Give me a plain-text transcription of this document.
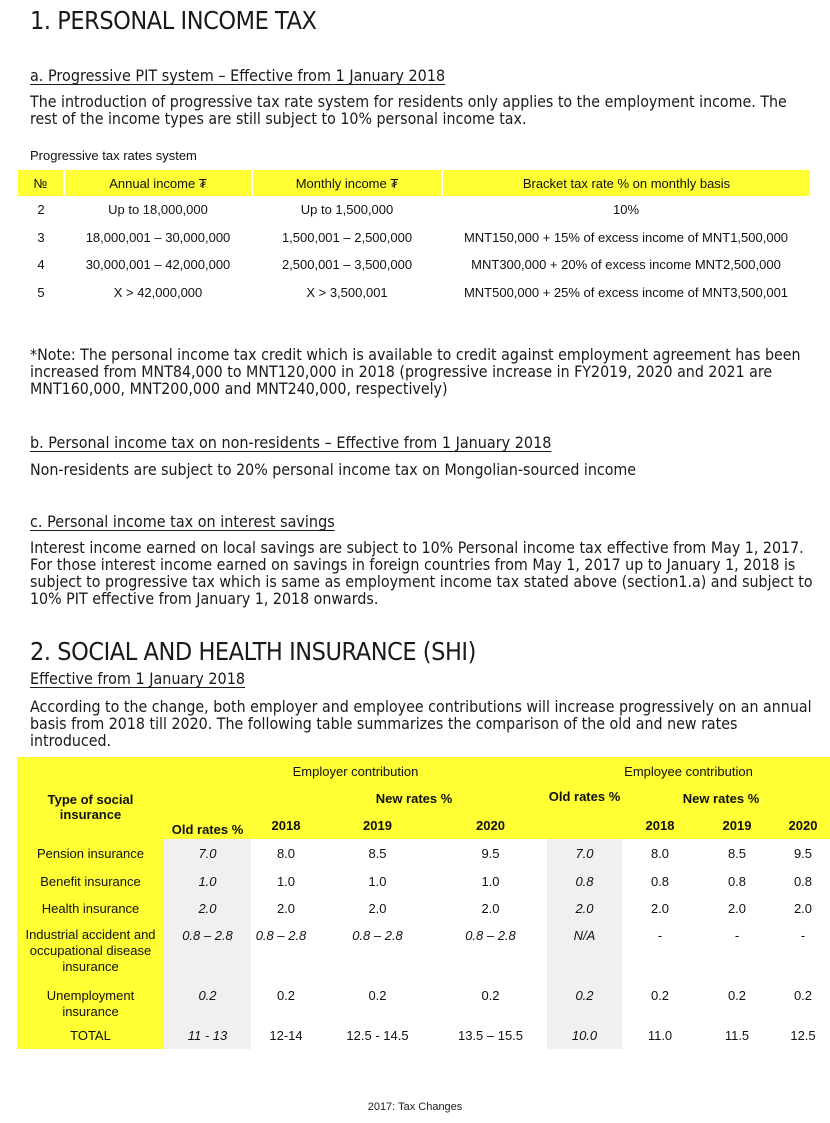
1. PERSONAL INCOME TAX
a. Progressive PIT system – Effective from 1 January 2018
The introduction of progressive tax rate system for residents only applies to the employment income. The rest of the income types are still subject to 10% personal income tax.
Progressive tax rates system
№	Annual income ₮	Monthly income ₮	Bracket tax rate % on monthly basis
2	Up to 18,000,000	Up to 1,500,000	10%
3	18,000,001 – 30,000,000	1,500,001 – 2,500,000	MNT150,000 + 15% of excess income of MNT1,500,000
4	30,000,001 – 42,000,000	2,500,001 – 3,500,000	MNT300,000 + 20% of excess income MNT2,500,000
5	X > 42,000,000	X > 3,500,001	MNT500,000 + 25% of excess income of MNT3,500,001
*Note: The personal income tax credit which is available to credit against employment agreement has been increased from MNT84,000 to MNT120,000 in 2018 (progressive increase in FY2019, 2020 and 2021 are MNT160,000, MNT200,000 and MNT240,000, respectively)
b. Personal income tax on non-residents – Effective from 1 January 2018
Non-residents are subject to 20% personal income tax on Mongolian-sourced income
c. Personal income tax on interest savings
Interest income earned on local savings are subject to 10% Personal income tax effective from May 1, 2017. For those interest income earned on savings in foreign countries from May 1, 2017 up to January 1, 2018 is subject to progressive tax which is same as employment income tax stated above (section1.a) and subject to 10% PIT effective from January 1, 2018 onwards.
2. SOCIAL AND HEALTH INSURANCE (SHI)
Effective from 1 January 2018
According to the change, both employer and employee contributions will increase progressively on an annual basis from 2018 till 2020. The following table summarizes the comparison of the old and new rates introduced.
Type of social insurance	Employer contribution				Employee contribution			
	Old rates %	New rates %			Old rates %	New rates %		
		2018	2019	2020		2018	2019	2020
Pension insurance	7.0	8.0	8.5	9.5	7.0	8.0	8.5	9.5
Benefit insurance	1.0	1.0	1.0	1.0	0.8	0.8	0.8	0.8
Health insurance	2.0	2.0	2.0	2.0	2.0	2.0	2.0	2.0
Industrial accident and occupational disease insurance	0.8 – 2.8	0.8 – 2.8	0.8 – 2.8	0.8 – 2.8	N/A	-	-	-
Unemployment insurance	0.2	0.2	0.2	0.2	0.2	0.2	0.2	0.2
TOTAL	11 - 13	12-14	12.5 - 14.5	13.5 – 15.5	10.0	11.0	11.5	12.5
2017: Tax Changes
